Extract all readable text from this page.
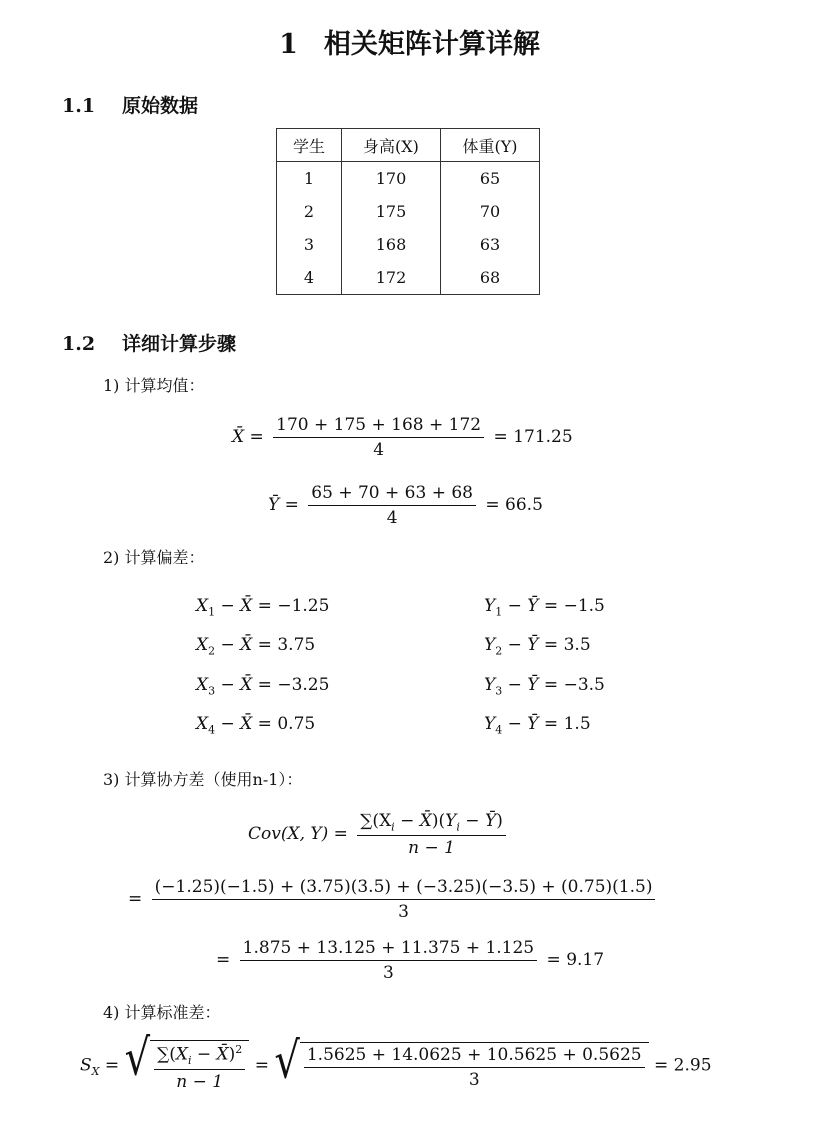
1 相关矩阵计算详解
1.1 原始数据
学生	身高(X)	体重(Y)
1	170	65
2	175	70
3	168	63
4	172	68
1.2 详细计算步骤
1) 计算均值：
X̄ = $\frac{170 + 175 + 168 + 172}{4} = 171.25$
Ȳ = $\frac{65 + 70 + 63 + 68}{4} = 66.5$
2) 计算偏差：
$X_1$ − X̄ = −1.25
$X_2$ − X̄ = 3.75
$X_3$ − X̄ = −3.25
$X_4$ − X̄ = 0.75
$Y_1$ − Ȳ = −1.5
$Y_2$ − Ȳ = 3.5
$Y_3$ − Ȳ = −3.5
$Y_4$ − Ȳ = 1.5
3) 计算协方差（使用n-1）：
Cov(X, $Y) = \frac{\sum(X_i - X̄)(Y_i - Ȳ)}{n - 1}$
= $\frac{(-1.25)(-1.5) + (3.75)(3.5) + (-3.25)(-3.5) + (0.75)(1.5)}{3}$
= $\frac{1.875 + 13.125 + 11.375 + 1.125}{3} = 9.17$
4) 计算标准差：
$S_X$ = √ $\frac{\sum(X_i - X̄)^2}{n - 1}$ = √ $\frac{1.5625 + 14.0625 + 10.5625 + 0.5625}{3} = 2.95$
